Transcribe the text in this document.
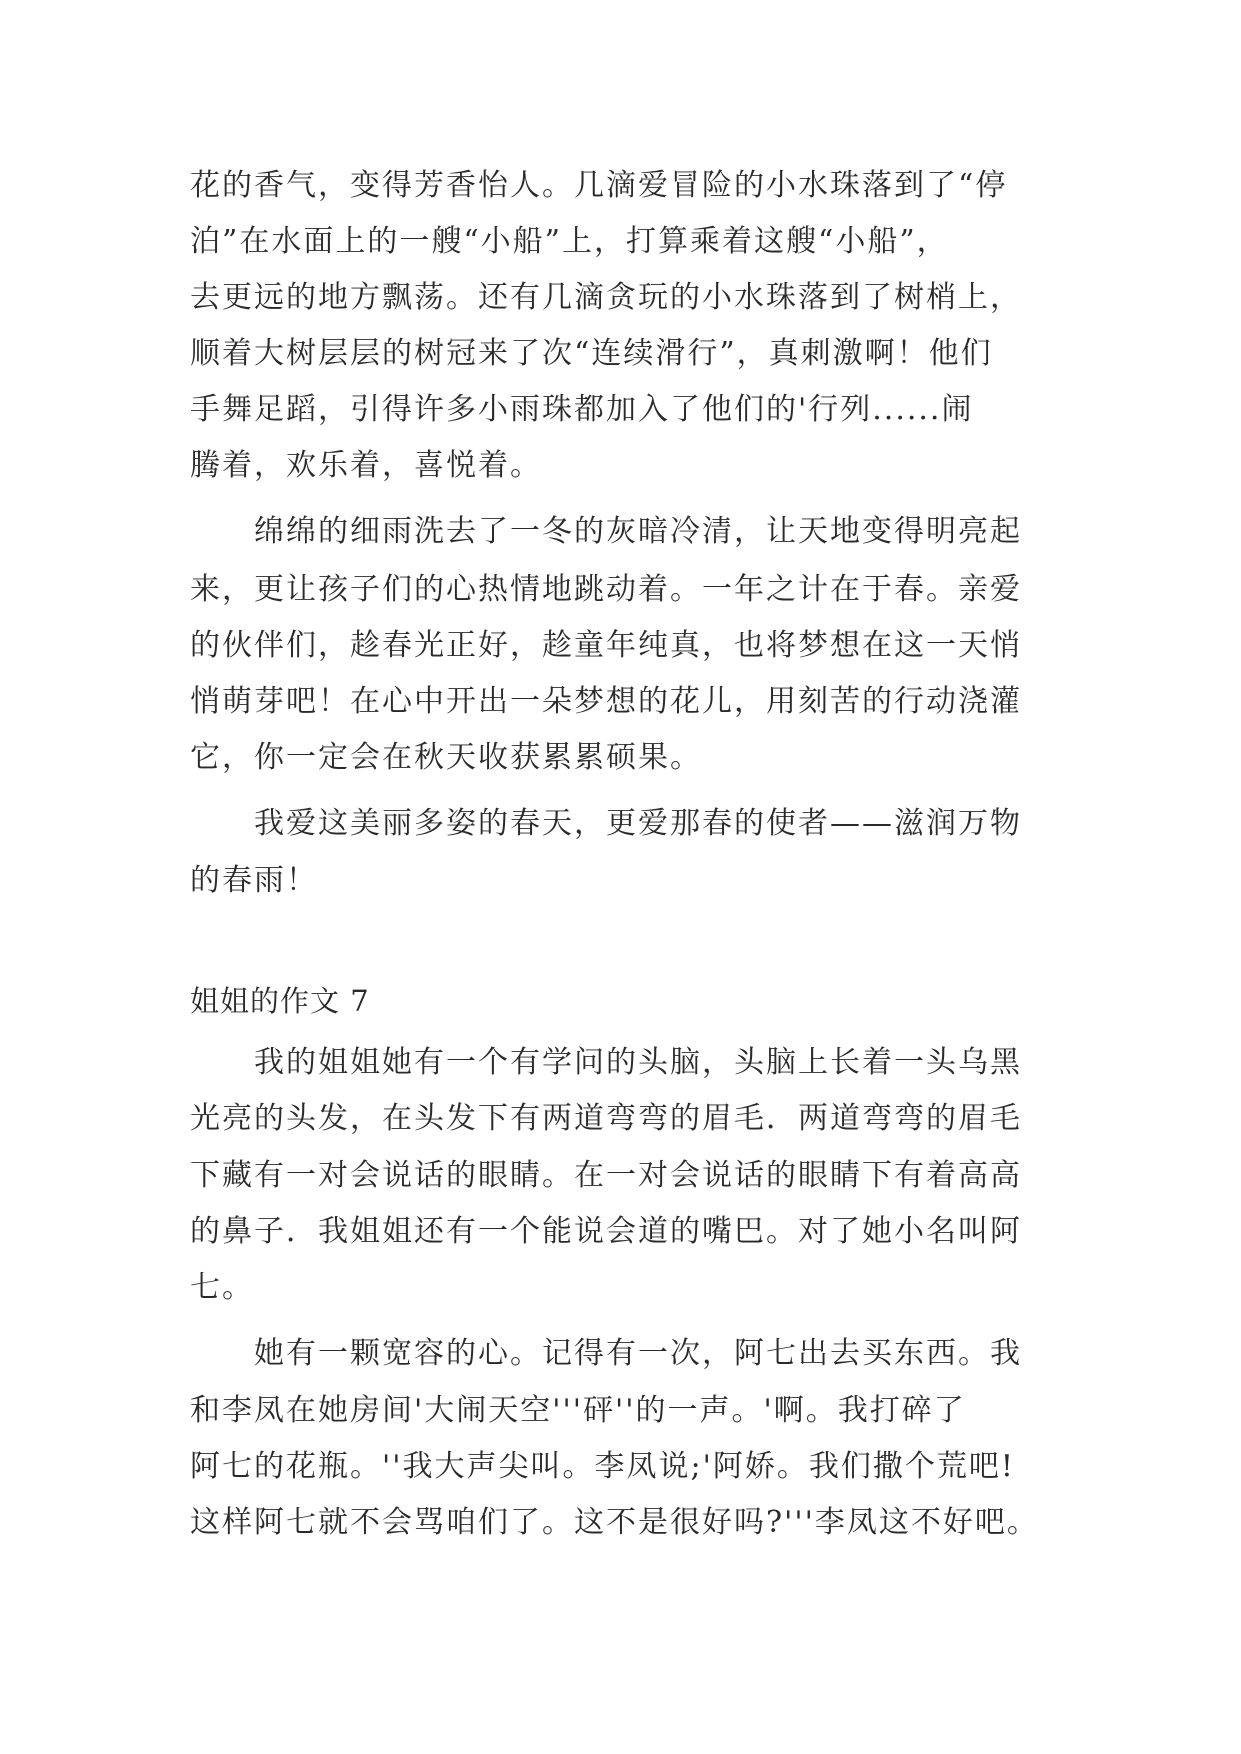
花的香气，变得芳香怡人。几滴爱冒险的小水珠落到了“停
泊”在水面上的一艘“小船”上，打算乘着这艘“小船”，
去更远的地方飘荡。还有几滴贪玩的小水珠落到了树梢上，
顺着大树层层的树冠来了次“连续滑行”，真刺激啊！他们
手舞足蹈，引得许多小雨珠都加入了他们的'行列......闹
腾着，欢乐着，喜悦着。
绵绵的细雨洗去了一冬的灰暗冷清，让天地变得明亮起
来，更让孩子们的心热情地跳动着。一年之计在于春。亲爱
的伙伴们，趁春光正好，趁童年纯真，也将梦想在这一天悄
悄萌芽吧！在心中开出一朵梦想的花儿，用刻苦的行动浇灌
它，你一定会在秋天收获累累硕果。
我爱这美丽多姿的春天，更爱那春的使者——滋润万物
的春雨！
姐姐的作文 7
我的姐姐她有一个有学问的头脑，头脑上长着一头乌黑
光亮的头发，在头发下有两道弯弯的眉毛．两道弯弯的眉毛
下藏有一对会说话的眼睛。在一对会说话的眼睛下有着高高
的鼻子．我姐姐还有一个能说会道的嘴巴。对了她小名叫阿
七。
她有一颗宽容的心。记得有一次，阿七出去买东西。我
和李凤在她房间'大闹天空'''砰''的一声。'啊。我打碎了
阿七的花瓶。''我大声尖叫。李凤说;'阿娇。我们撒个荒吧!
这样阿七就不会骂咱们了。这不是很好吗?'''李凤这不好吧。
